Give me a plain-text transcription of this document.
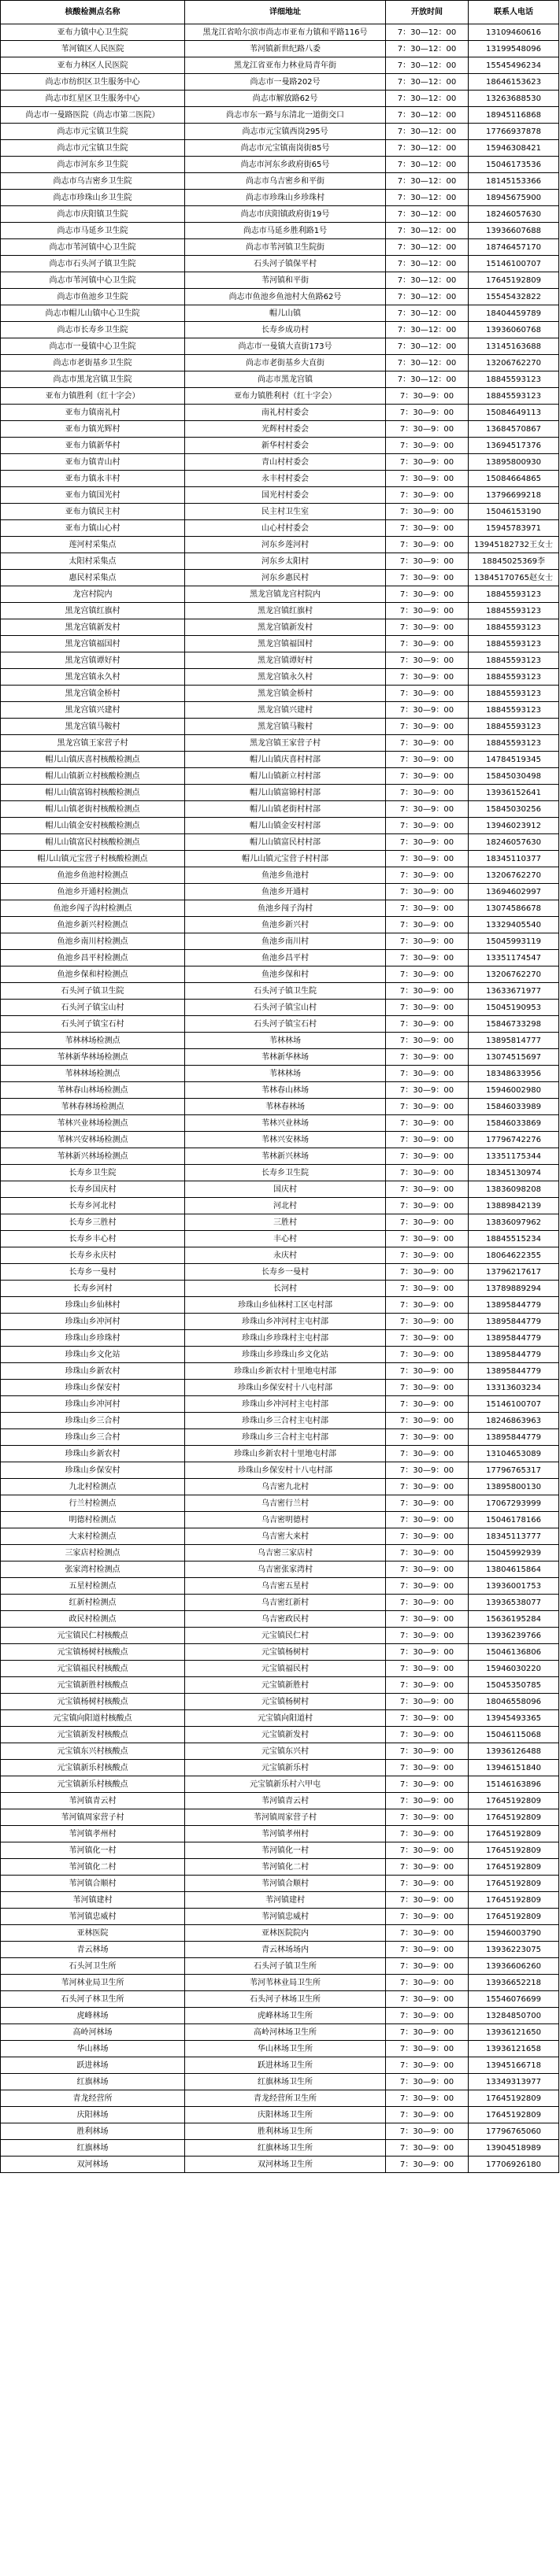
核酸检测点名称	详细地址	开放时间	联系人电话
亚布力镇中心卫生院	黑龙江省哈尔滨市尚志市亚布力镇和平路116号	7：30—12：00	13109460616
苇河镇区人民医院	苇河镇新世纪路八委	7：30—12：00	13199548096
亚布力林区人民医院	黑龙江省亚布力林业局青年街	7：30—12：00	15545496234
尚志市纺织区卫生服务中心	尚志市一曼路202号	7：30—12：00	18646153623
尚志市红星区卫生服务中心	尚志市解放路62号	7：30—12：00	13263688530
尚志市一曼路医院（尚志市第二医院）	尚志市东一路与东清北一道街交口	7：30—12：00	18945116868
尚志市元宝镇卫生院	尚志市元宝镇西岗295号	7：30—12：00	17766937878
尚志市元宝镇卫生院	尚志市元宝镇南岗街85号	7：30—12：00	15946308421
尚志市河东乡卫生院	尚志市河东乡政府街65号	7：30—12：00	15046173536
尚志市乌吉密乡卫生院	尚志市乌吉密乡和平街	7：30—12：00	18145153366
尚志市珍珠山乡卫生院	尚志市珍珠山乡珍珠村	7：30—12：00	18945675900
尚志市庆阳镇卫生院	尚志市庆阳镇政府街19号	7：30—12：00	18246057630
尚志市马延乡卫生院	尚志市马延乡胜利路1号	7：30—12：00	13936607688
尚志市苇河镇中心卫生院	尚志市苇河镇卫生院街	7：30—12：00	18746457170
尚志市石头河子镇卫生院	石头河子镇保平村	7：30—12：00	15146100707
尚志市苇河镇中心卫生院	苇河镇和平街	7：30—12：00	17645192809
尚志市鱼池乡卫生院	尚志市鱼池乡鱼池村大鱼路62号	7：30—12：00	15545432822
尚志市帽儿山镇中心卫生院	帽儿山镇	7：30—12：00	18404459789
尚志市长寿乡卫生院	长寿乡成功村	7：30—12：00	13936060768
尚志市一曼镇中心卫生院	尚志市一曼镇大直街173号	7：30—12：00	13145163688
尚志市老街基乡卫生院	尚志市老街基乡大直街	7：30—12：00	13206762270
尚志市黑龙宫镇卫生院	尚志市黑龙宫镇	7：30—12：00	18845593123
亚布力镇胜利（红十字会）	亚布力镇胜利村（红十字会）	7：30—9：00	18845593123
亚布力镇南礼村	南礼村村委会	7：30—9：00	15084649113
亚布力镇光辉村	光辉村村委会	7：30—9：00	13684570867
亚布力镇新华村	新华村村委会	7：30—9：00	13694517376
亚布力镇青山村	青山村村委会	7：30—9：00	13895800930
亚布力镇永丰村	永丰村村委会	7：30—9：00	15084664865
亚布力镇国光村	国光村村委会	7：30—9：00	13796699218
亚布力镇民主村	民主村卫生室	7：30—9：00	15046153190
亚布力镇山心村	山心村村委会	7：30—9：00	15945783971
莲河村采集点	河东乡莲河村	7：30—9：00	13945182732王女士
太阳村采集点	河东乡太阳村	7：30—9：00	18845025369李
惠民村采集点	河东乡惠民村	7：30—9：00	13845170765赵女士
龙宫村院内	黑龙宫镇龙宫村院内	7：30—9：00	18845593123
黑龙宫镇红旗村	黑龙宫镇红旗村	7：30—9：00	18845593123
黑龙宫镇新发村	黑龙宫镇新发村	7：30—9：00	18845593123
黑龙宫镇福国村	黑龙宫镇福国村	7：30—9：00	18845593123
黑龙宫镇谭好村	黑龙宫镇谭好村	7：30—9：00	18845593123
黑龙宫镇永久村	黑龙宫镇永久村	7：30—9：00	18845593123
黑龙宫镇金桥村	黑龙宫镇金桥村	7：30—9：00	18845593123
黑龙宫镇兴建村	黑龙宫镇兴建村	7：30—9：00	18845593123
黑龙宫镇马鞍村	黑龙宫镇马鞍村	7：30—9：00	18845593123
黑龙宫镇王家营子村	黑龙宫镇王家营子村	7：30—9：00	18845593123
帽儿山镇庆喜村核酸检测点	帽儿山镇庆喜村村部	7：30—9：00	14784519345
帽儿山镇新立村核酸检测点	帽儿山镇新立村村部	7：30—9：00	15845030498
帽儿山镇富锦村核酸检测点	帽儿山镇富锦村村部	7：30—9：00	13936152641
帽儿山镇老街村核酸检测点	帽儿山镇老街村村部	7：30—9：00	15845030256
帽儿山镇金安村核酸检测点	帽儿山镇金安村村部	7：30—9：00	13946023912
帽儿山镇富民村核酸检测点	帽儿山镇富民村村部	7：30—9：00	18246057630
帽儿山镇元宝营子村核酸检测点	帽儿山镇元宝营子村村部	7：30—9：00	18345110377
鱼池乡鱼池村检测点	鱼池乡鱼池村	7：30—9：00	13206762270
鱼池乡开通村检测点	鱼池乡开通村	7：30—9：00	13694602997
鱼池乡闯子沟村检测点	鱼池乡闯子沟村	7：30—9：00	13074586678
鱼池乡新兴村检测点	鱼池乡新兴村	7：30—9：00	13329405540
鱼池乡南川村检测点	鱼池乡南川村	7：30—9：00	15045993119
鱼池乡昌平村检测点	鱼池乡昌平村	7：30—9：00	13351174547
鱼池乡保和村检测点	鱼池乡保和村	7：30—9：00	13206762270
石头河子镇卫生院	石头河子镇卫生院	7：30—9：00	13633671977
石头河子镇宝山村	石头河子镇宝山村	7：30—9：00	15045190953
石头河子镇宝石村	石头河子镇宝石村	7：30—9：00	15846733298
苇林林场检测点	苇林林场	7：30—9：00	13895814777
苇林新华林场检测点	苇林新华林场	7：30—9：00	13074515697
苇林林场检测点	苇林林场	7：30—9：00	18348633956
苇林春山林场检测点	苇林春山林场	7：30—9：00	15946002980
苇林春林场检测点	苇林春林场	7：30—9：00	15846033989
苇林兴业林场检测点	苇林兴业林场	7：30—9：00	15846033869
苇林兴安林场检测点	苇林兴安林场	7：30—9：00	17796742276
苇林新兴林场检测点	苇林新兴林场	7：30—9：00	13351175344
长寿乡卫生院	长寿乡卫生院	7：30—9：00	18345130974
长寿乡国庆村	国庆村	7：30—9：00	13836098208
长寿乡河北村	河北村	7：30—9：00	13889842139
长寿乡三胜村	三胜村	7：30—9：00	13836097962
长寿乡丰心村	丰心村	7：30—9：00	18845515234
长寿乡永庆村	永庆村	7：30—9：00	18064622355
长寿乡一曼村	长寿乡一曼村	7：30—9：00	13796217617
长寿乡河村	长河村	7：30—9：00	13789889294
珍珠山乡仙林村	珍珠山乡仙林村工区屯村部	7：30—9：00	13895844779
珍珠山乡冲河村	珍珠山乡冲河村主屯村部	7：30—9：00	13895844779
珍珠山乡珍珠村	珍珠山乡珍珠村主屯村部	7：30—9：00	13895844779
珍珠山乡文化站	珍珠山乡珍珠山乡文化站	7：30—9：00	13895844779
珍珠山乡新农村	珍珠山乡新农村十里地屯村部	7：30—9：00	13895844779
珍珠山乡保安村	珍珠山乡保安村十八屯村部	7：30—9：00	13313603234
珍珠山乡冲河村	珍珠山乡冲河村主屯村部	7：30—9：00	15146100707
珍珠山乡三合村	珍珠山乡三合村主屯村部	7：30—9：00	18246863963
珍珠山乡三合村	珍珠山乡三合村主屯村部	7：30—9：00	13895844779
珍珠山乡新农村	珍珠山乡新农村十里地屯村部	7：30—9：00	13104653089
珍珠山乡保安村	珍珠山乡保安村十八屯村部	7：30—9：00	17796765317
九北村检测点	乌吉密九北村	7：30—9：00	13895800130
行兰村检测点	乌吉密行兰村	7：30—9：00	17067293999
明德村检测点	乌吉密明德村	7：30—9：00	15046178166
大来村检测点	乌吉密大来村	7：30—9：00	18345113777
三家店村检测点	乌吉密三家店村	7：30—9：00	15045992939
张家湾村检测点	乌吉密张家湾村	7：30—9：00	13804615864
五星村检测点	乌吉密五星村	7：30—9：00	13936001753
红新村检测点	乌吉密红新村	7：30—9：00	13936538077
政民村检测点	乌吉密政民村	7：30—9：00	15636195284
元宝镇民仁村核酸点	元宝镇民仁村	7：30—9：00	13936239766
元宝镇杨树村核酸点	元宝镇杨树村	7：30—9：00	15046136806
元宝镇福民村核酸点	元宝镇福民村	7：30—9：00	15946030220
元宝镇新胜村核酸点	元宝镇新胜村	7：30—9：00	15045350785
元宝镇杨树村核酸点	元宝镇杨树村	7：30—9：00	18046558096
元宝镇向阳道村核酸点	元宝镇向阳道村	7：30—9：00	13945493365
元宝镇新发村核酸点	元宝镇新发村	7：30—9：00	15046115068
元宝镇东兴村核酸点	元宝镇东兴村	7：30—9：00	13936126488
元宝镇新乐村核酸点	元宝镇新乐村	7：30—9：00	13946151840
元宝镇新乐村核酸点	元宝镇新乐村六甲屯	7：30—9：00	15146163896
苇河镇青云村	苇河镇青云村	7：30—9：00	17645192809
苇河镇周家营子村	苇河镇周家营子村	7：30—9：00	17645192809
苇河镇孝州村	苇河镇孝州村	7：30—9：00	17645192809
苇河镇化一村	苇河镇化一村	7：30—9：00	17645192809
苇河镇化二村	苇河镇化二村	7：30—9：00	17645192809
苇河镇合顺村	苇河镇合顺村	7：30—9：00	17645192809
苇河镇建村	苇河镇建村	7：30—9：00	17645192809
苇河镇忠威村	苇河镇忠威村	7：30—9：00	17645192809
亚林医院	亚林医院院内	7：30—9：00	15946003790
青云林场	青云林场场内	7：30—9：00	13936223075
石头河卫生所	石头河子镇卫生所	7：30—9：00	13936606260
苇河林业局卫生所	苇河苇林业局卫生所	7：30—9：00	13936652218
石头河子林卫生所	石头河子林场卫生所	7：30—9：00	15546076699
虎峰林场	虎峰林场卫生所	7：30—9：00	13284850700
高岭河林场	高岭河林场卫生所	7：30—9：00	13936121650
华山林场	华山林场卫生所	7：30—9：00	13936121658
跃进林场	跃进林场卫生所	7：30—9：00	13945166718
红旗林场	红旗林场卫生所	7：30—9：00	13349313977
青龙经营所	青龙经营所卫生所	7：30—9：00	17645192809
庆阳林场	庆阳林场卫生所	7：30—9：00	17645192809
胜利林场	胜利林场卫生所	7：30—9：00	17796765060
红旗林场	红旗林场卫生所	7：30—9：00	13904518989
双河林场	双河林场卫生所	7：30—9：00	17706926180
